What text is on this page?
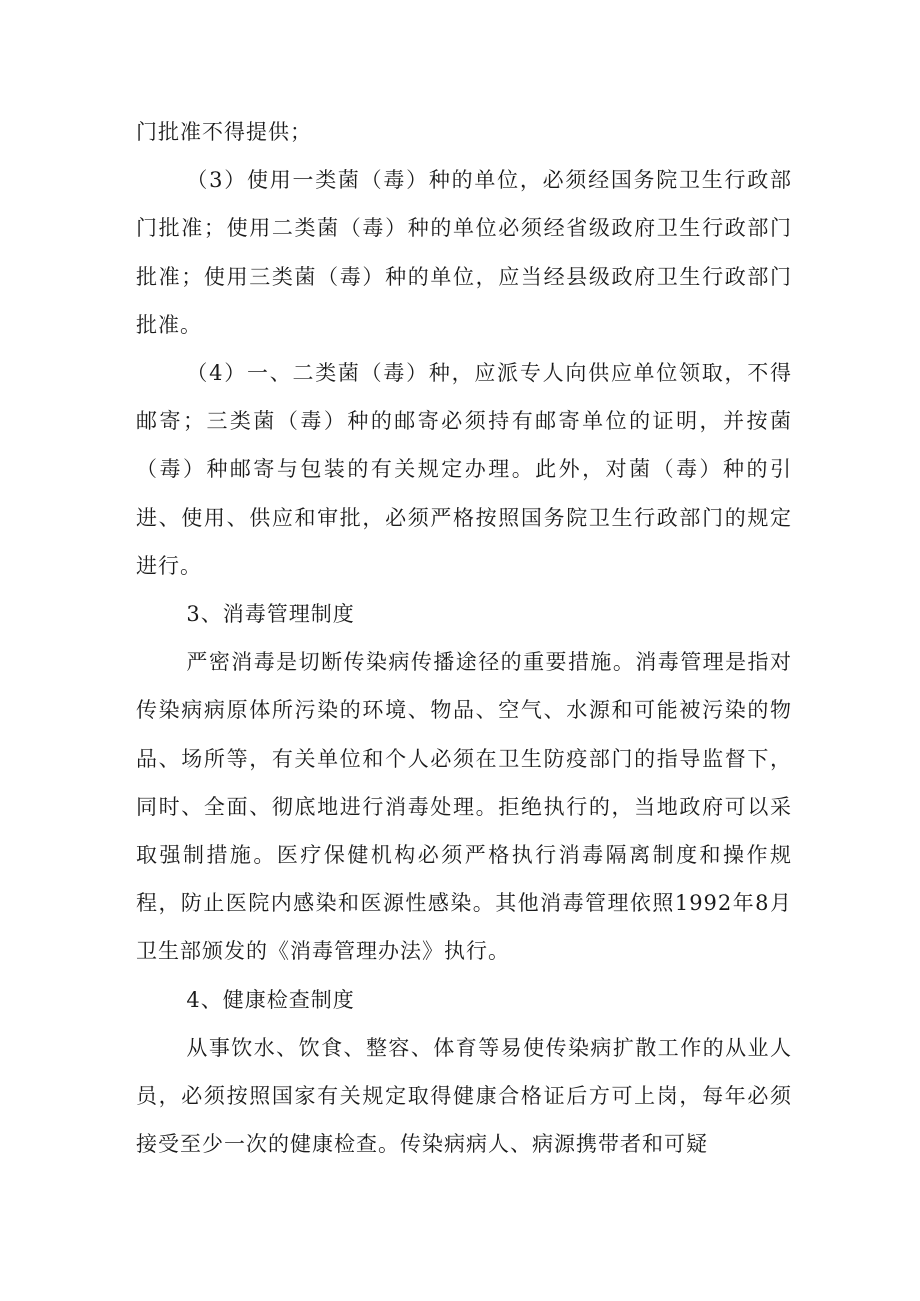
门批准不得提供；

（3）使用一类菌（毒）种的单位，必须经国务院卫生行政部门批准；使用二类菌（毒）种的单位必须经省级政府卫生行政部门批准；使用三类菌（毒）种的单位，应当经县级政府卫生行政部门批准。

（4）一、二类菌（毒）种，应派专人向供应单位领取，不得邮寄；三类菌（毒）种的邮寄必须持有邮寄单位的证明，并按菌（毒）种邮寄与包装的有关规定办理。此外，对菌（毒）种的引进、使用、供应和审批，必须严格按照国务院卫生行政部门的规定进行。

3、消毒管理制度

严密消毒是切断传染病传播途径的重要措施。消毒管理是指对传染病病原体所污染的环境、物品、空气、水源和可能被污染的物品、场所等，有关单位和个人必须在卫生防疫部门的指导监督下，同时、全面、彻底地进行消毒处理。拒绝执行的，当地政府可以采取强制措施。医疗保健机构必须严格执行消毒隔离制度和操作规程，防止医院内感染和医源性感染。其他消毒管理依照1992年8月卫生部颁发的《消毒管理办法》执行。

4、健康检查制度

从事饮水、饮食、整容、体育等易使传染病扩散工作的从业人员，必须按照国家有关规定取得健康合格证后方可上岗，每年必须接受至少一次的健康检查。传染病病人、病源携带者和可疑
